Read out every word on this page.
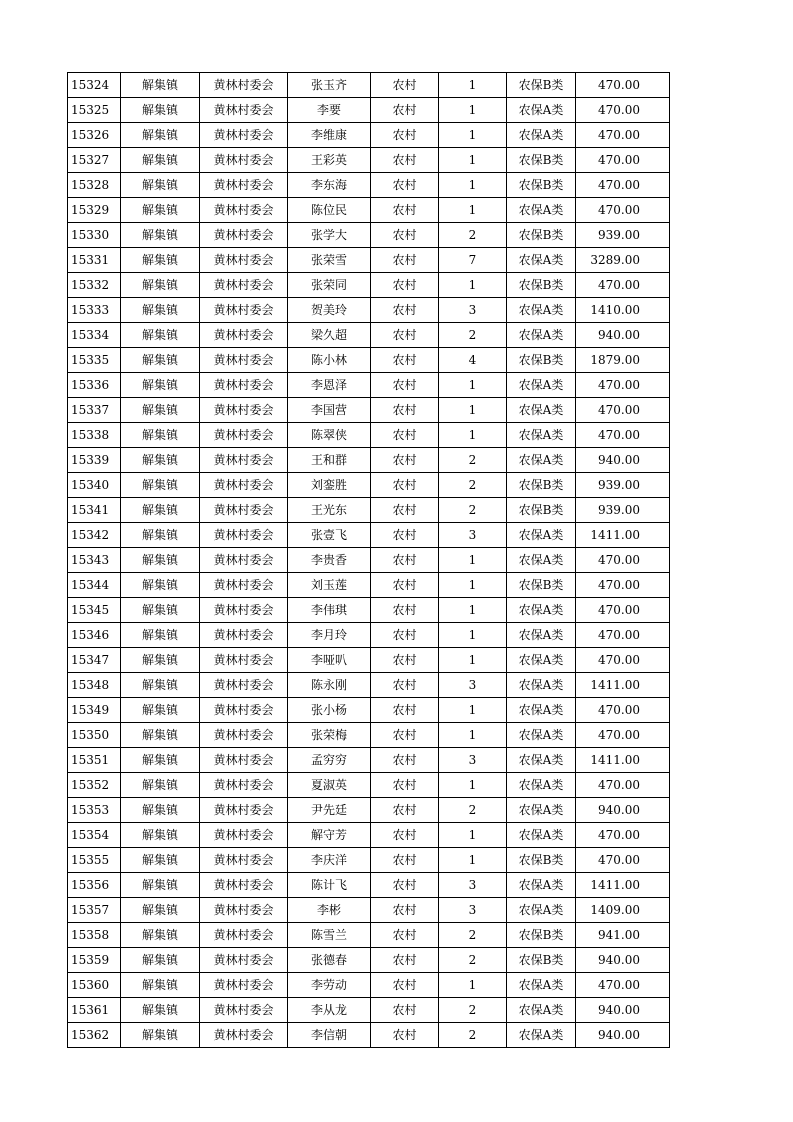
15324	解集镇	黄林村委会	张玉齐	农村	1	农保B类	470.00
15325	解集镇	黄林村委会	李要	农村	1	农保A类	470.00
15326	解集镇	黄林村委会	李维康	农村	1	农保A类	470.00
15327	解集镇	黄林村委会	王彩英	农村	1	农保B类	470.00
15328	解集镇	黄林村委会	李东海	农村	1	农保B类	470.00
15329	解集镇	黄林村委会	陈位民	农村	1	农保A类	470.00
15330	解集镇	黄林村委会	张学大	农村	2	农保B类	939.00
15331	解集镇	黄林村委会	张荣雪	农村	7	农保A类	3289.00
15332	解集镇	黄林村委会	张荣同	农村	1	农保B类	470.00
15333	解集镇	黄林村委会	贺美玲	农村	3	农保A类	1410.00
15334	解集镇	黄林村委会	梁久超	农村	2	农保A类	940.00
15335	解集镇	黄林村委会	陈小林	农村	4	农保B类	1879.00
15336	解集镇	黄林村委会	李恩泽	农村	1	农保A类	470.00
15337	解集镇	黄林村委会	李国营	农村	1	农保A类	470.00
15338	解集镇	黄林村委会	陈翠侠	农村	1	农保A类	470.00
15339	解集镇	黄林村委会	王和群	农村	2	农保A类	940.00
15340	解集镇	黄林村委会	刘銮胜	农村	2	农保B类	939.00
15341	解集镇	黄林村委会	王光东	农村	2	农保B类	939.00
15342	解集镇	黄林村委会	张壹飞	农村	3	农保A类	1411.00
15343	解集镇	黄林村委会	李贵香	农村	1	农保A类	470.00
15344	解集镇	黄林村委会	刘玉莲	农村	1	农保B类	470.00
15345	解集镇	黄林村委会	李伟琪	农村	1	农保A类	470.00
15346	解集镇	黄林村委会	李月玲	农村	1	农保A类	470.00
15347	解集镇	黄林村委会	李哑叭	农村	1	农保A类	470.00
15348	解集镇	黄林村委会	陈永刚	农村	3	农保A类	1411.00
15349	解集镇	黄林村委会	张小杨	农村	1	农保A类	470.00
15350	解集镇	黄林村委会	张荣梅	农村	1	农保A类	470.00
15351	解集镇	黄林村委会	孟穷穷	农村	3	农保A类	1411.00
15352	解集镇	黄林村委会	夏淑英	农村	1	农保A类	470.00
15353	解集镇	黄林村委会	尹先廷	农村	2	农保A类	940.00
15354	解集镇	黄林村委会	解守芳	农村	1	农保A类	470.00
15355	解集镇	黄林村委会	李庆洋	农村	1	农保B类	470.00
15356	解集镇	黄林村委会	陈计飞	农村	3	农保A类	1411.00
15357	解集镇	黄林村委会	李彬	农村	3	农保A类	1409.00
15358	解集镇	黄林村委会	陈雪兰	农村	2	农保B类	941.00
15359	解集镇	黄林村委会	张德春	农村	2	农保B类	940.00
15360	解集镇	黄林村委会	李劳动	农村	1	农保A类	470.00
15361	解集镇	黄林村委会	李从龙	农村	2	农保A类	940.00
15362	解集镇	黄林村委会	李信朝	农村	2	农保A类	940.00
